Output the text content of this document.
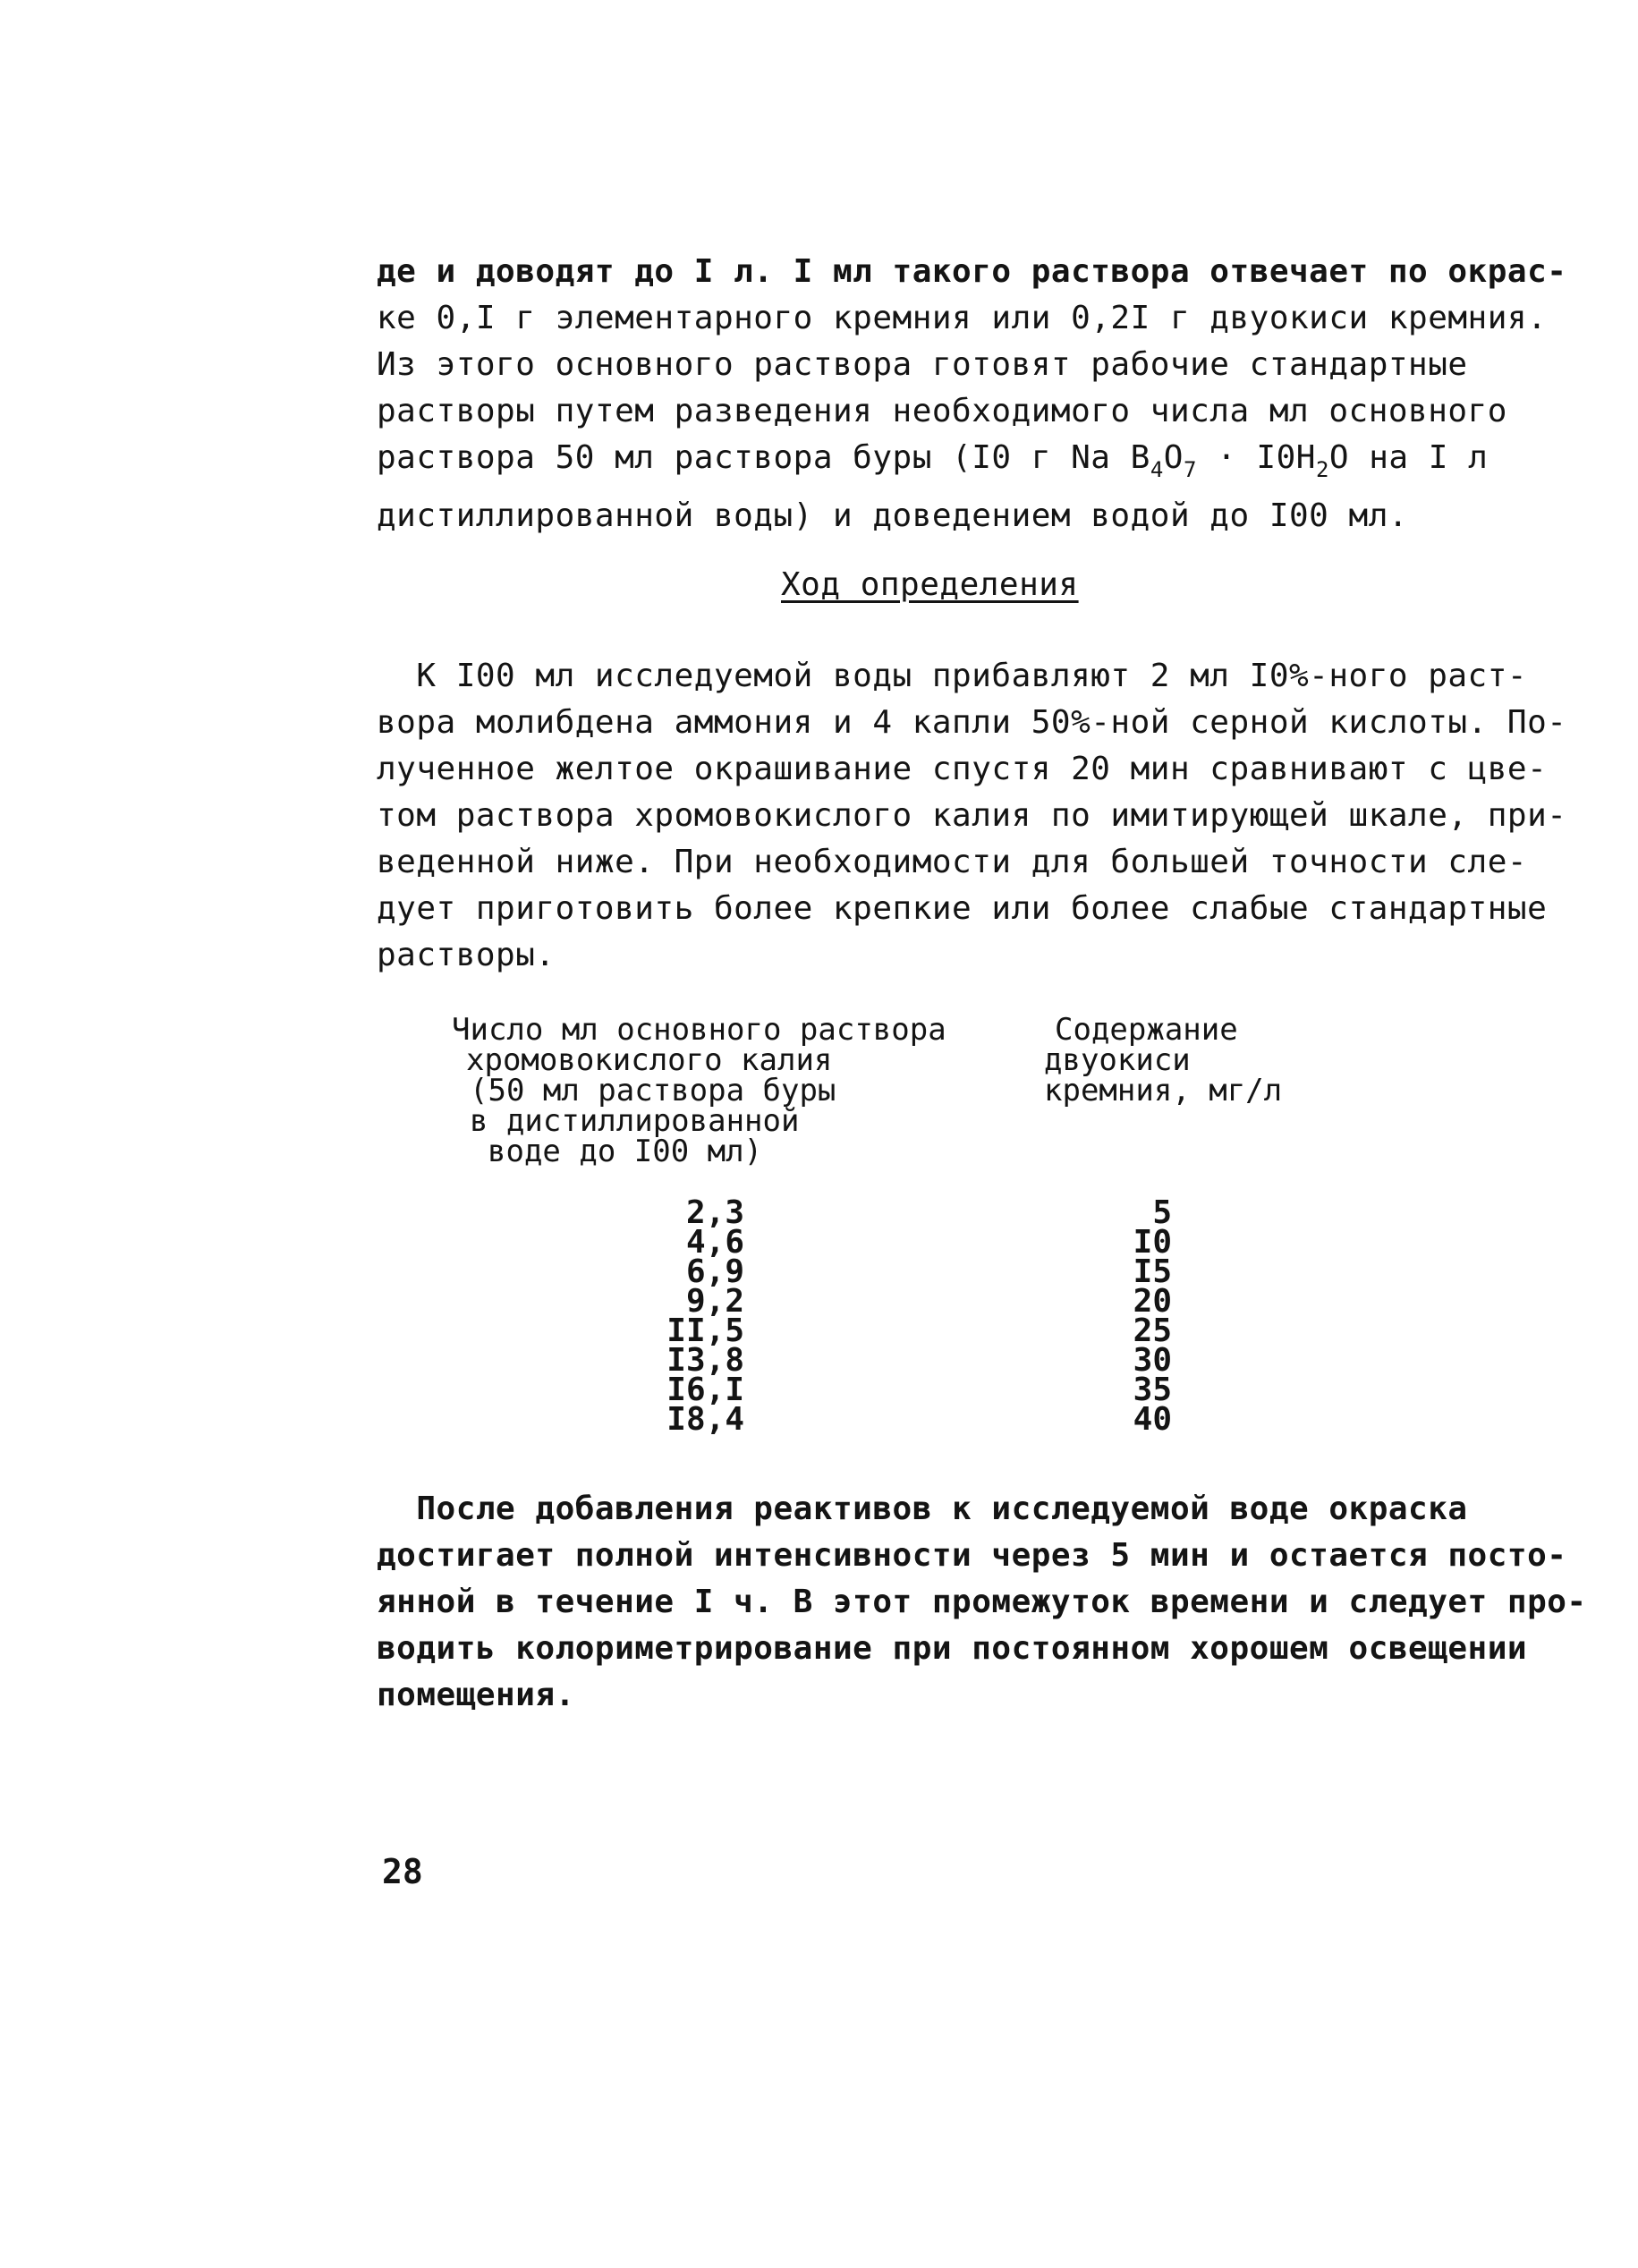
де и доводят до I л. I мл такого раствора отвечает по окрас-
ке 0,I г элементарного кремния или 0,2I г двуокиси кремния.
Из этого основного раствора готовят рабочие стандартные
растворы путем разведения необходимого числа мл основного
раствора 50 мл раствора буры (I0 г Na $B_4O_7 \cdot I0H_2O$ на I л
дистиллированной воды) и доведением водой до I00 мл.
Ход определения
К I00 мл исследуемой воды прибавляют 2 мл I0%-ного раст-
вора молибдена аммония и 4 капли 50%-ной серной кислоты. По-
лученное желтое окрашивание спустя 20 мин сравнивают с цве-
том раствора хромовокислого калия по имитирующей шкале, при-
веденной ниже. При необходимости для большей точности сле-
дует приготовить более крепкие или более слабые стандартные
растворы.
Число мл основного раствора
хромовокислого калия
(50 мл раствора буры
в дистиллированной
воде до I00 мл)
Содержание
двуокиси
кремния, мг/л
2,3
4,6
6,9
9,2
II,5
I3,8
I6,I
I8,4
5
I0
I5
20
25
30
35
40
После добавления реактивов к исследуемой воде окраска
достигает полной интенсивности через 5 мин и остается посто-
янной в течение I ч. В этот промежуток времени и следует про-
водить колориметрирование при постоянном хорошем освещении
помещения.
28
